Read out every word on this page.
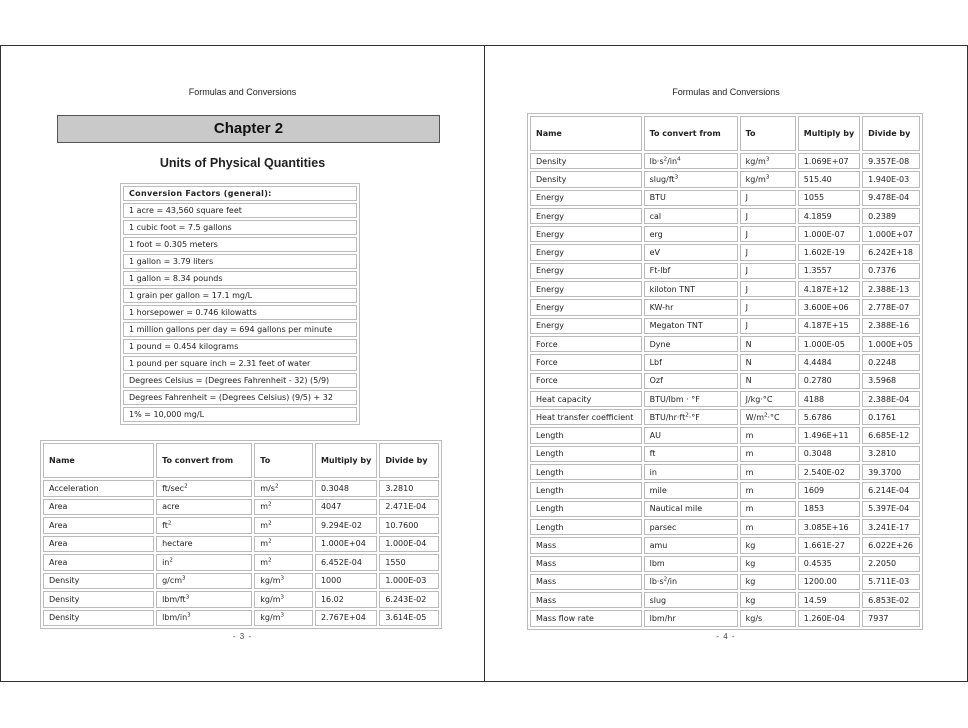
Formulas and Conversions
Chapter 2
Units of Physical Quantities
Conversion Factors (general):
1 acre = 43,560 square feet
1 cubic foot = 7.5 gallons
1 foot = 0.305 meters
1 gallon = 3.79 liters
1 gallon = 8.34 pounds
1 grain per gallon = 17.1 mg/L
1 horsepower = 0.746 kilowatts
1 million gallons per day = 694 gallons per minute
1 pound = 0.454 kilograms
1 pound per square inch = 2.31 feet of water
Degrees Celsius = (Degrees Fahrenheit - 32) (5/9)
Degrees Fahrenheit = (Degrees Celsius) (9/5) + 32
1% = 10,000 mg/L
Name	To convert from	To	Multiply by	Divide by
Acceleration	$ft/\sec^2$	$m/s^2$	0.3048	3.2810
Area	acre	$m^2$	4047	2.471E-04
Area	$ft^2$	$m^2$	9.294E-02	10.7600
Area	hectare	$m^2$	1.000E+04	1.000E-04
Area	$in^2$	$m^2$	6.452E-04	1550
Density	$g/cm^3$	$kg/m^3$	1000	1.000E-03
Density	lbm/$ft^3$	$kg/m^3$	16.02	6.243E-02
Density	lbm/$in^3$	$kg/m^3$	2.767E+04	3.614E-05
- 3 -
Formulas and Conversions
Name	To convert from	To	Multiply by	Divide by
Density	$lb\cdot s^2/in^4$	$kg/m^3$	1.069E+07	9.357E-08
Density	slug/$ft^3$	$kg/m^3$	515.40	1.940E-03
Energy	BTU	J	1055	9.478E-04
Energy	cal	J	4.1859	0.2389
Energy	erg	J	1.000E-07	1.000E+07
Energy	eV	J	1.602E-19	6.242E+18
Energy	Ft-lbf	J	1.3557	0.7376
Energy	kiloton TNT	J	4.187E+12	2.388E-13
Energy	KW-hr	J	3.600E+06	2.778E-07
Energy	Megaton TNT	J	4.187E+15	2.388E-16
Force	Dyne	N	1.000E-05	1.000E+05
Force	Lbf	N	4.4484	0.2248
Force	Ozf	N	0.2780	3.5968
Heat capacity	BTU/lbm · °F	J/kg·°C	4188	2.388E-04
Heat transfer coefficient	BTU/$hr\cdot ft^2\cdot^\circ F$	$W/m^2\cdot^\circ C$	5.6786	0.1761
Length	AU	m	1.496E+11	6.685E-12
Length	ft	m	0.3048	3.2810
Length	in	m	2.540E-02	39.3700
Length	mile	m	1609	6.214E-04
Length	Nautical mile	m	1853	5.397E-04
Length	parsec	m	3.085E+16	3.241E-17
Mass	amu	kg	1.661E-27	6.022E+26
Mass	lbm	kg	0.4535	2.2050
Mass	$lb\cdot s^2/in$	kg	1200.00	5.711E-03
Mass	slug	kg	14.59	6.853E-02
Mass flow rate	lbm/hr	kg/s	1.260E-04	7937
- 4 -
